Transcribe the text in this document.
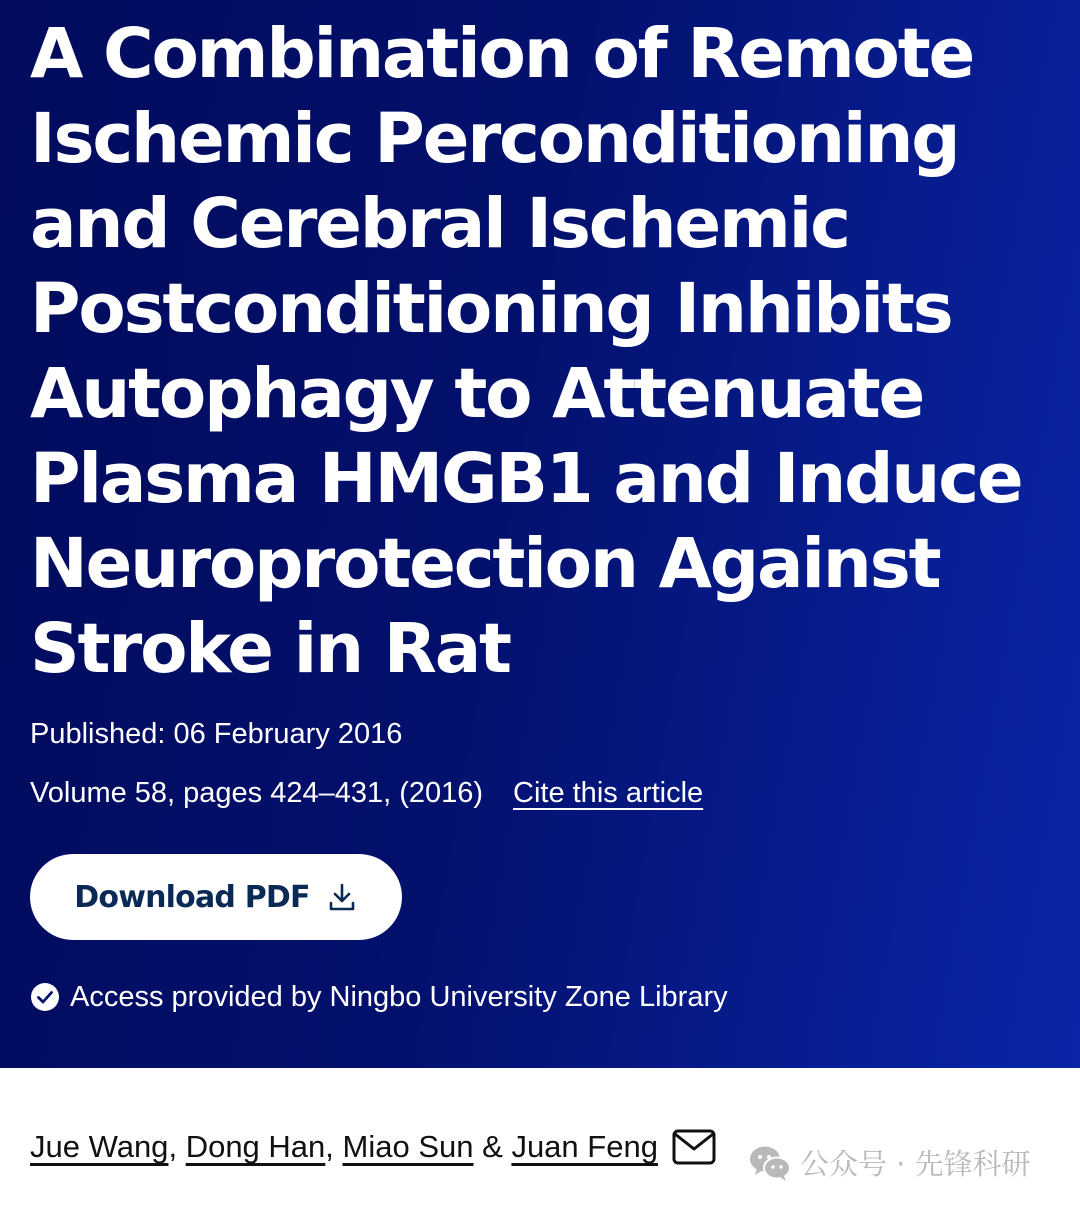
A Combination of Remote Ischemic Perconditioning and Cerebral Ischemic Postconditioning Inhibits Autophagy to Attenuate Plasma HMGB1 and Induce Neuroprotection Against Stroke in Rat
Published: 06 February 2016
Volume 58, pages 424–431, (2016) Cite this article
Download PDF
Access provided by Ningbo University Zone Library
Jue Wang ,
Dong Han ,
Miao Sun
&
Juan Feng	公众号 · 先锋科研
